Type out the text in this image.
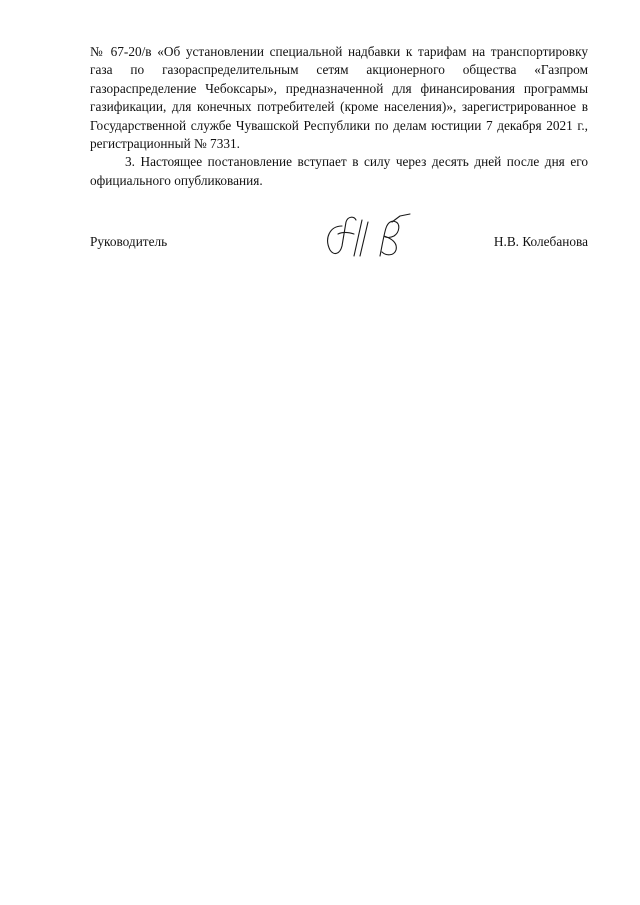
№ 67-20/в «Об установлении специальной надбавки к тарифам на транспортировку газа по газораспределительным сетям акционерного общества «Газпром газораспределение Чебоксары», предназначенной для финансирования программы газификации, для конечных потребителей (кроме населения)», зарегистрированное в Государственной службе Чувашской Республики по делам юстиции 7 декабря 2021 г., регистрационный № 7331.

3. Настоящее постановление вступает в силу через десять дней после дня его официального опубликования.

Руководитель	Н.В. Колебанова
